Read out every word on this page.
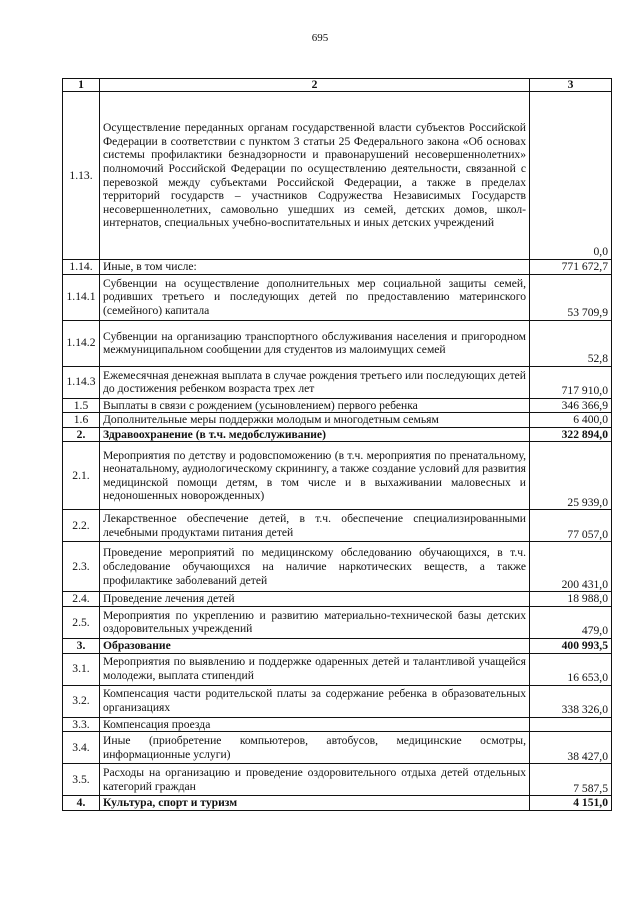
695
1	2	3
1.13.	Осуществление переданных органам государственной власти субъектов Российской Федерации в соответствии с пунктом 3 статьи 25 Федерального закона «Об основах системы профилактики безнадзорности и правонарушений несовершеннолетних» полномочий Российской Федерации по осуществлению деятельности, связанной с перевозкой между субъектами Российской Федерации, а также в пределах территорий государств – участников Содружества Независимых Государств несовершеннолетних, самовольно ушедших из семей, детских домов, школ-интернатов, специальных учебно-воспитательных и иных детских учреждений	0,0
1.14.	Иные, в том числе:	771 672,7
1.14.1	Субвенции на осуществление дополнительных мер социальной защиты семей, родивших третьего и последующих детей по предоставлению материнского (семейного) капитала	53 709,9
1.14.2	Субвенции на организацию транспортного обслуживания населения и пригородном межмуниципальном сообщении для студентов из малоимущих семей	52,8
1.14.3	Ежемесячная денежная выплата в случае рождения третьего или последующих детей до достижения ребенком возраста трех лет	717 910,0
1.5	Выплаты в связи с рождением (усыновлением) первого ребенка	346 366,9
1.6	Дополнительные меры поддержки молодым и многодетным семьям	6 400,0
2.	Здравоохранение (в т.ч. медобслуживание)	322 894,0
2.1.	Мероприятия по детству и родовспоможению (в т.ч. мероприятия по пренатальному, неонатальному, аудиологическому скринингу, а также создание условий для развития медицинской помощи детям, в том числе и в выхаживании маловесных и недоношенных новорожденных)	25 939,0
2.2.	Лекарственное обеспечение детей, в т.ч. обеспечение специализированными лечебными продуктами питания детей	77 057,0
2.3.	Проведение мероприятий по медицинскому обследованию обучающихся, в т.ч. обследование обучающихся на наличие наркотических веществ, а также профилактике заболеваний детей	200 431,0
2.4.	Проведение лечения детей	18 988,0
2.5.	Мероприятия по укреплению и развитию материально-технической базы детских оздоровительных учреждений	479,0
3.	Образование	400 993,5
3.1.	Мероприятия по выявлению и поддержке одаренных детей и талантливой учащейся молодежи, выплата стипендий	16 653,0
3.2.	Компенсация части родительской платы за содержание ребенка в образовательных организациях	338 326,0
3.3.	Компенсация проезда	
3.4.	Иные (приобретение компьютеров, автобусов, медицинские осмотры, информационные услуги)	38 427,0
3.5.	Расходы на организацию и проведение оздоровительного отдыха детей отдельных категорий граждан	7 587,5
4.	Культура, спорт и туризм	4 151,0
